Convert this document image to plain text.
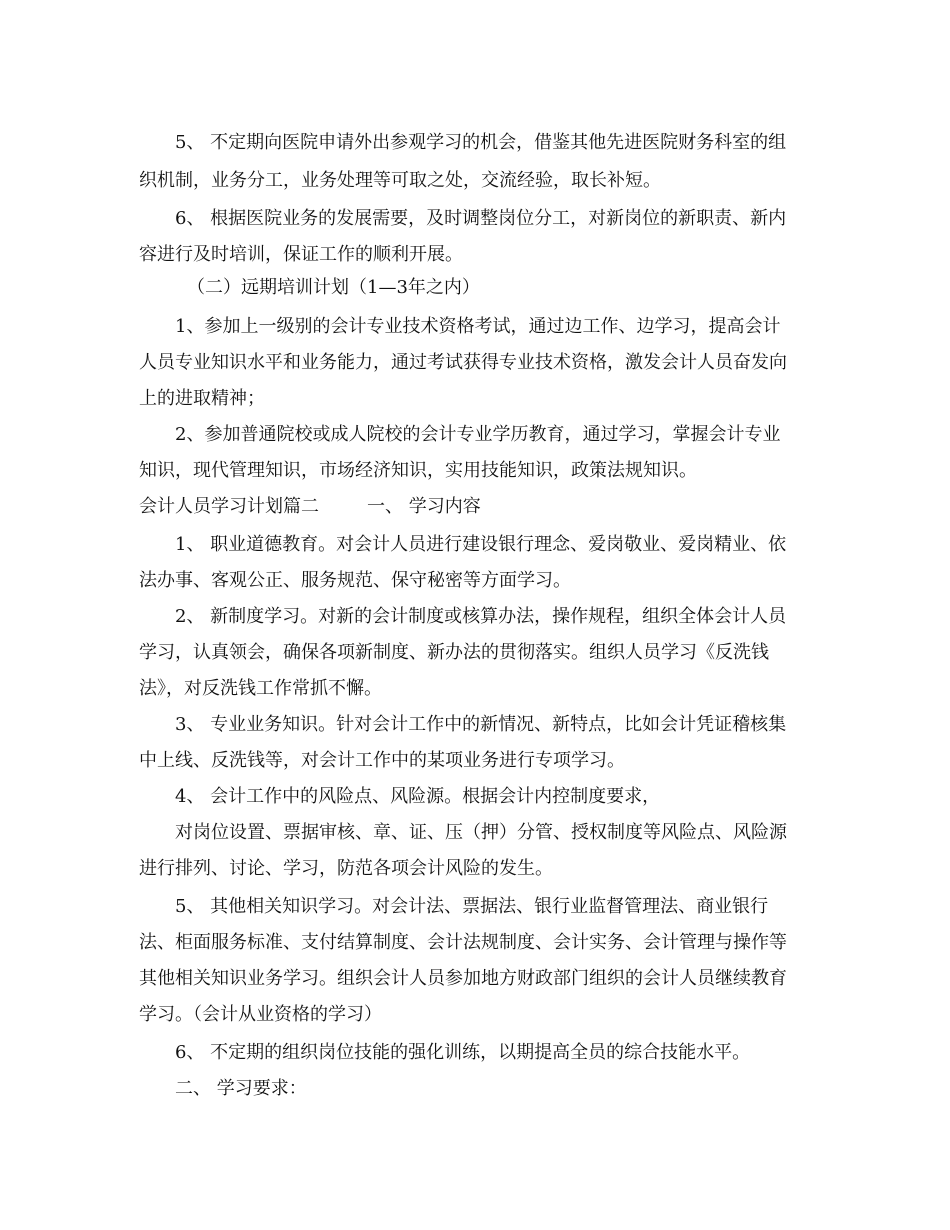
5、 不定期向医院申请外出参观学习的机会，借鉴其他先进医院财务科室的组
织机制，业务分工，业务处理等可取之处，交流经验，取长补短。
6、 根据医院业务的发展需要，及时调整岗位分工，对新岗位的新职责、新内
容进行及时培训，保证工作的顺利开展。
（二）远期培训计划（1—3年之内）
1、参加上一级别的会计专业技术资格考试，通过边工作、边学习，提高会计
人员专业知识水平和业务能力，通过考试获得专业技术资格，激发会计人员奋发向
上的进取精神；
2、参加普通院校或成人院校的会计专业学历教育，通过学习，掌握会计专业
知识，现代管理知识，市场经济知识，实用技能知识，政策法规知识。
会计人员学习计划篇二	一、 学习内容
1、 职业道德教育。对会计人员进行建设银行理念、爱岗敬业、爱岗精业、依
法办事、客观公正、服务规范、保守秘密等方面学习。
2、 新制度学习。对新的会计制度或核算办法，操作规程，组织全体会计人员
学习，认真领会，确保各项新制度、新办法的贯彻落实。组织人员学习《反洗钱
法》，对反洗钱工作常抓不懈。
3、 专业业务知识。针对会计工作中的新情况、新特点，比如会计凭证稽核集
中上线、反洗钱等，对会计工作中的某项业务进行专项学习。
4、 会计工作中的风险点、风险源。根据会计内控制度要求，
对岗位设置、票据审核、章、证、压（押）分管、授权制度等风险点、风险源
进行排列、讨论、学习，防范各项会计风险的发生。
5、 其他相关知识学习。对会计法、票据法、银行业监督管理法、商业银行
法、柜面服务标准、支付结算制度、会计法规制度、会计实务、会计管理与操作等
其他相关知识业务学习。组织会计人员参加地方财政部门组织的会计人员继续教育
学习。（会计从业资格的学习）
6、 不定期的组织岗位技能的强化训练，以期提高全员的综合技能水平。
二、 学习要求：
